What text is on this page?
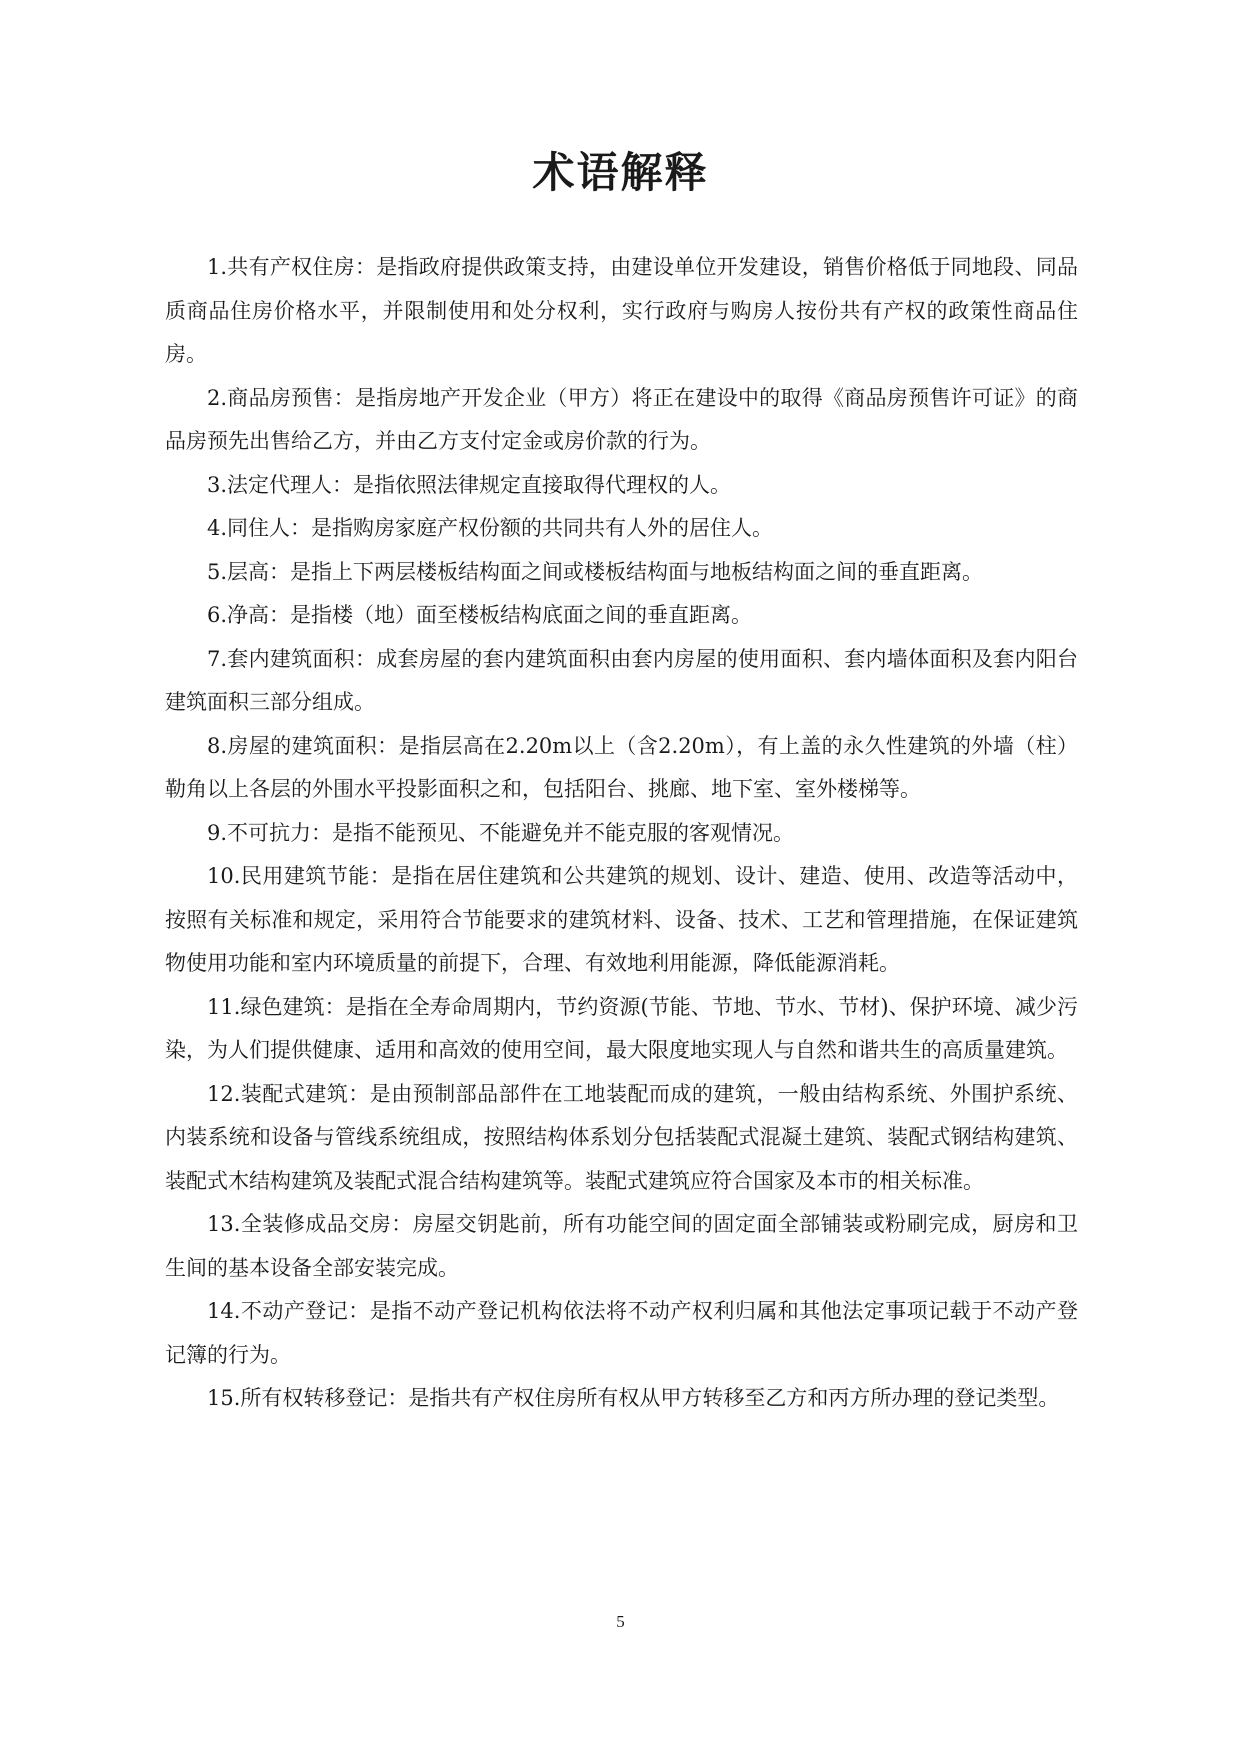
术语解释
1.共有产权住房：是指政府提供政策支持，由建设单位开发建设，销售价格低于同地段、同品质商品住房价格水平，并限制使用和处分权利，实行政府与购房人按份共有产权的政策性商品住房。
2.商品房预售：是指房地产开发企业（甲方）将正在建设中的取得《商品房预售许可证》的商品房预先出售给乙方，并由乙方支付定金或房价款的行为。
3.法定代理人：是指依照法律规定直接取得代理权的人。
4.同住人：是指购房家庭产权份额的共同共有人外的居住人。
5.层高：是指上下两层楼板结构面之间或楼板结构面与地板结构面之间的垂直距离。
6.净高：是指楼（地）面至楼板结构底面之间的垂直距离。
7.套内建筑面积：成套房屋的套内建筑面积由套内房屋的使用面积、套内墙体面积及套内阳台建筑面积三部分组成。
8.房屋的建筑面积：是指层高在2.20m以上（含2.20m），有上盖的永久性建筑的外墙（柱）勒角以上各层的外围水平投影面积之和，包括阳台、挑廊、地下室、室外楼梯等。
9.不可抗力：是指不能预见、不能避免并不能克服的客观情况。
10.民用建筑节能：是指在居住建筑和公共建筑的规划、设计、建造、使用、改造等活动中，按照有关标准和规定，采用符合节能要求的建筑材料、设备、技术、工艺和管理措施，在保证建筑物使用功能和室内环境质量的前提下，合理、有效地利用能源，降低能源消耗。
11.绿色建筑：是指在全寿命周期内，节约资源(节能、节地、节水、节材)、保护环境、减少污染，为人们提供健康、适用和高效的使用空间，最大限度地实现人与自然和谐共生的高质量建筑。
12.装配式建筑：是由预制部品部件在工地装配而成的建筑，一般由结构系统、外围护系统、内装系统和设备与管线系统组成，按照结构体系划分包括装配式混凝土建筑、装配式钢结构建筑、装配式木结构建筑及装配式混合结构建筑等。装配式建筑应符合国家及本市的相关标准。
13.全装修成品交房：房屋交钥匙前，所有功能空间的固定面全部铺装或粉刷完成，厨房和卫生间的基本设备全部安装完成。
14.不动产登记：是指不动产登记机构依法将不动产权利归属和其他法定事项记载于不动产登记簿的行为。
15.所有权转移登记：是指共有产权住房所有权从甲方转移至乙方和丙方所办理的登记类型。
5
